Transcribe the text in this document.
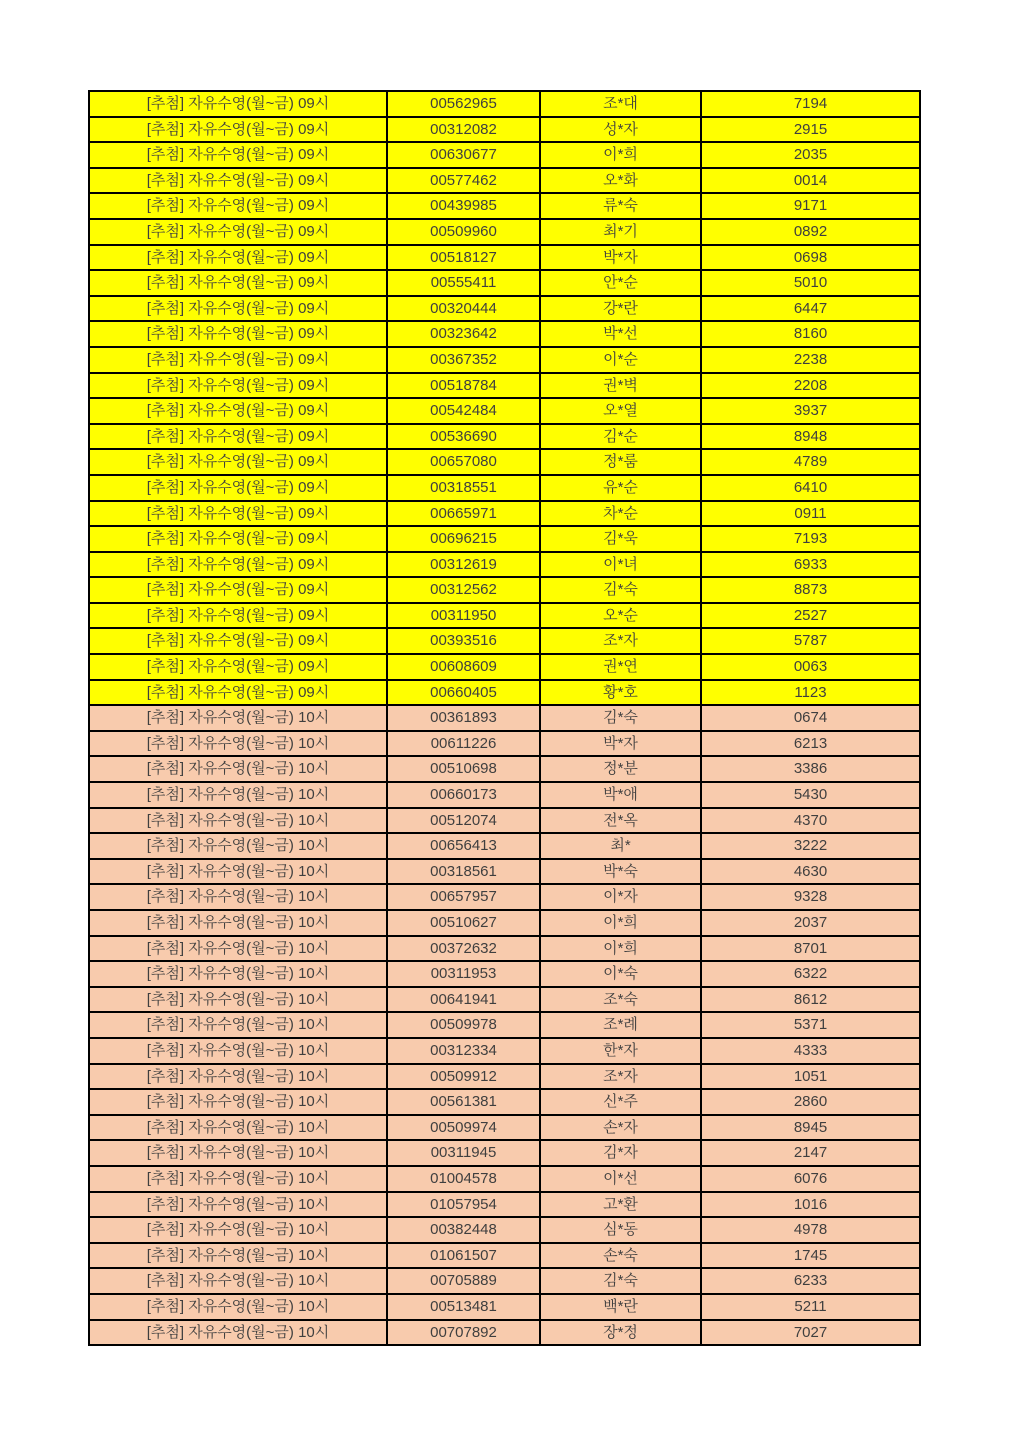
[추첨] 자유수영(월~금) 09시	00562965	조*대	7194
[추첨] 자유수영(월~금) 09시	00312082	성*자	2915
[추첨] 자유수영(월~금) 09시	00630677	이*희	2035
[추첨] 자유수영(월~금) 09시	00577462	오*화	0014
[추첨] 자유수영(월~금) 09시	00439985	류*숙	9171
[추첨] 자유수영(월~금) 09시	00509960	최*기	0892
[추첨] 자유수영(월~금) 09시	00518127	박*자	0698
[추첨] 자유수영(월~금) 09시	00555411	안*순	5010
[추첨] 자유수영(월~금) 09시	00320444	강*란	6447
[추첨] 자유수영(월~금) 09시	00323642	박*선	8160
[추첨] 자유수영(월~금) 09시	00367352	이*순	2238
[추첨] 자유수영(월~금) 09시	00518784	권*벽	2208
[추첨] 자유수영(월~금) 09시	00542484	오*열	3937
[추첨] 자유수영(월~금) 09시	00536690	김*순	8948
[추첨] 자유수영(월~금) 09시	00657080	정*룸	4789
[추첨] 자유수영(월~금) 09시	00318551	유*순	6410
[추첨] 자유수영(월~금) 09시	00665971	차*순	0911
[추첨] 자유수영(월~금) 09시	00696215	김*욱	7193
[추첨] 자유수영(월~금) 09시	00312619	이*녀	6933
[추첨] 자유수영(월~금) 09시	00312562	김*숙	8873
[추첨] 자유수영(월~금) 09시	00311950	오*순	2527
[추첨] 자유수영(월~금) 09시	00393516	조*자	5787
[추첨] 자유수영(월~금) 09시	00608609	권*연	0063
[추첨] 자유수영(월~금) 09시	00660405	황*호	1123
[추첨] 자유수영(월~금) 10시	00361893	김*숙	0674
[추첨] 자유수영(월~금) 10시	00611226	박*자	6213
[추첨] 자유수영(월~금) 10시	00510698	정*분	3386
[추첨] 자유수영(월~금) 10시	00660173	박*애	5430
[추첨] 자유수영(월~금) 10시	00512074	전*옥	4370
[추첨] 자유수영(월~금) 10시	00656413	최*	3222
[추첨] 자유수영(월~금) 10시	00318561	박*숙	4630
[추첨] 자유수영(월~금) 10시	00657957	이*자	9328
[추첨] 자유수영(월~금) 10시	00510627	이*희	2037
[추첨] 자유수영(월~금) 10시	00372632	이*희	8701
[추첨] 자유수영(월~금) 10시	00311953	이*숙	6322
[추첨] 자유수영(월~금) 10시	00641941	조*숙	8612
[추첨] 자유수영(월~금) 10시	00509978	조*례	5371
[추첨] 자유수영(월~금) 10시	00312334	한*자	4333
[추첨] 자유수영(월~금) 10시	00509912	조*자	1051
[추첨] 자유수영(월~금) 10시	00561381	신*주	2860
[추첨] 자유수영(월~금) 10시	00509974	손*자	8945
[추첨] 자유수영(월~금) 10시	00311945	김*자	2147
[추첨] 자유수영(월~금) 10시	01004578	이*선	6076
[추첨] 자유수영(월~금) 10시	01057954	고*환	1016
[추첨] 자유수영(월~금) 10시	00382448	심*동	4978
[추첨] 자유수영(월~금) 10시	01061507	손*숙	1745
[추첨] 자유수영(월~금) 10시	00705889	김*숙	6233
[추첨] 자유수영(월~금) 10시	00513481	백*란	5211
[추첨] 자유수영(월~금) 10시	00707892	장*정	7027
